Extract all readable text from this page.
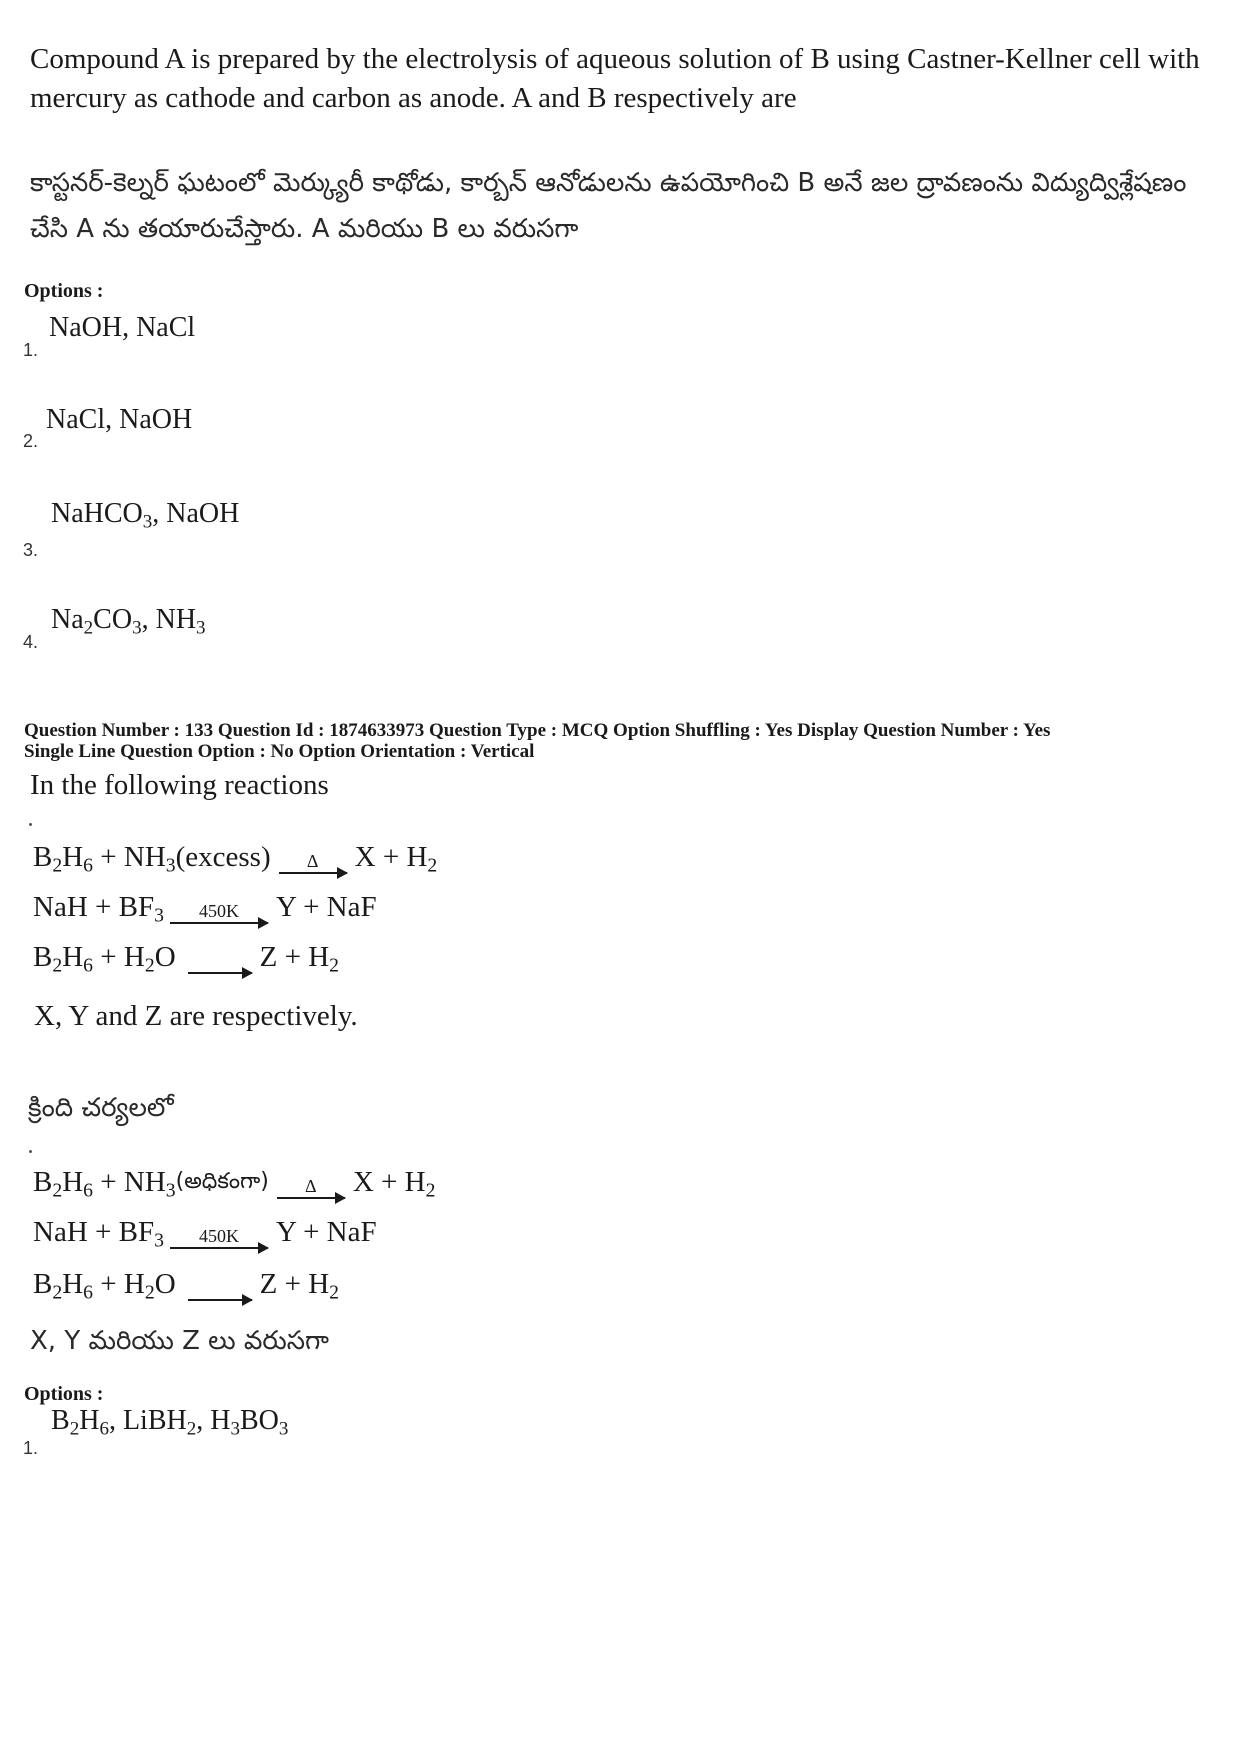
Compound A is prepared by the electrolysis of aqueous solution of B using Castner-Kellner cell with mercury as cathode and carbon as anode. A and B respectively are
కాస్టనర్-కెల్నర్ ఘటంలో మెర్క్యురీ కాథోడు, కార్బన్ ఆనోడులను ఉపయోగించి B అనే జల ద్రావణంను విద్యుద్విశ్లేషణం చేసి A ను తయారుచేస్తారు. A మరియు B లు వరుసగా
Options :
1.
NaOH, NaCl
2.
NaCl, NaOH
3.
NaHCO$_3$, NaOH
4.
$Na_2CO_3$, $NH_3$
Question Number : 133 Question Id : 1874633973 Question Type : MCQ Option Shuffling : Yes Display Question Number : Yes
Single Line Question Option : No Option Orientation : Vertical
In the following reactions
$B_2H_6 + NH_3$ (excess) Δ $X + H_2$
NaH + $BF_3$ 450K Y + NaF
$B_2H_6 + H_2O$
→ $Z + H_2$
X, Y and Z are respectively.
క్రింది చర్యలలో
$B_2H_6 + NH_3$ (అధికంగా) Δ $X + H_2$
NaH + $BF_3$ 450K Y + NaF
$B_2H_6 + H_2O$
→ $Z + H_2$
X, Y మరియు Z లు వరుసగా
Options :
1.
$B_2H_6$, LiBH$_2$, $H_3BO_3$
